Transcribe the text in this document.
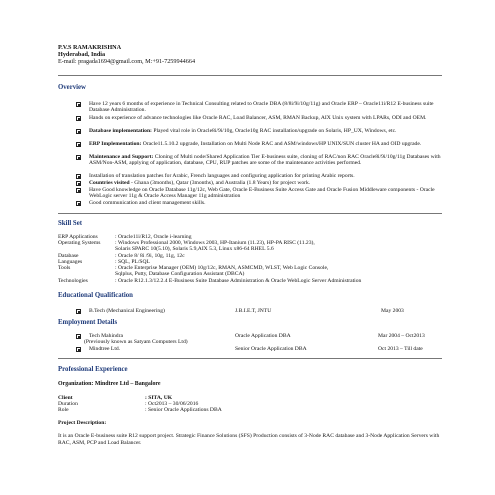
P.V.S RAMAKRISHNA
Hyderabad, India
E-mail: pragada1694@gmail.com, M:+91-7259944664
Overview
Have 12 years 6 months of experience in Technical Consulting related to Oracle DBA (8/8i/9i/10g/11g) and Oracle ERP – Oracle11i/R12 E-business suite Database Administration.
Hands on experience of advance technologies like Oracle RAC, Load Balancer, ASM, RMAN Backup, AIX Unix system with LPARs, ODI and OEM.
Database implementation: Played vital role in Oracle8i/9i/10g, Oracle10g RAC installation/upgrade on Solaris, HP_UX, Windows, etc.
ERP Implementation: Oracle11.5.10.2 upgrade, Installation on Multi Node RAC and ASM/windows/HP UNIX/SUN cluster HA and OID upgrade.
Maintenance and Support: Cloning of Multi node/Shared Application Tier E-business suite, cloning of RAC/non RAC Oracle8i/9i/10g/11g Databases with ASM/Non-ASM, applying of application, database, CPU, RUP patches are some of the maintenance activities performed.
Installation of translation patches for Arabic, French languages and configuring application for printing Arabic reports.
Countries visited - Ghana (3months), Qatar (3months), and Australia (1.8 Years) for project work.
Have Good knowledge on Oracle Database 11g/12c, Web Gate, Oracle E-Business Suite Access Gate and Oracle Fusion Middleware components - Oracle WebLogic server 11g & Oracle Access Manager 11g administration
Good communication and client management skills.
Skill Set
ERP Applications	: Oracle11i/R12, Oracle i-learning
Operating Systems	: Windows Professional 2000, Windows 2003, HP-Itanium (11.23), HP-PA RISC (11.23),
Solaris SPARC 10(5.10), Solaris 5.9,AIX 5.3, Linux x86-64 RHEL 5.6
Database	: Oracle 8/ 8i /9i, 10g, 11g, 12c
Languages	: SQL, PL/SQL
Tools	: Oracle Enterprise Manager (OEM) 10g/12c, RMAN, ASMCMD, WLST, Web Logic Console,
Sqlplus, Putty, Database Configuration Assistant (DBCA)
Technologies	: Oracle R12.1.3/12.2.4 E-Business Suite Database Administration & Oracle WebLogic Server Administration
Educational Qualification
B.Tech (Mechanical Engineering)	J.B.I.E.T, JNTU	May 2003
Employment Details
Tech Mahindra
(Previously known as Satyam Computers Ltd)
Oracle Application DBA	Mar 2004 – Oct2013
Mindtree Ltd.	Senior Oracle Application DBA	Oct 2013 – Till date
Professional Experience
Organization: Mindtree Ltd – Bangalore
Client	: SITA, UK
Duration	: Oct2013 – 30/06/2016
Role	: Senior Oracle Applications DBA
Project Description:
It is an Oracle E-business suite R12 support project. Strategic Finance Solutions (SFS) Production consists of 3-Node RAC database and 3-Node Application Servers with RAC, ASM, PCP and Load Balancer.
